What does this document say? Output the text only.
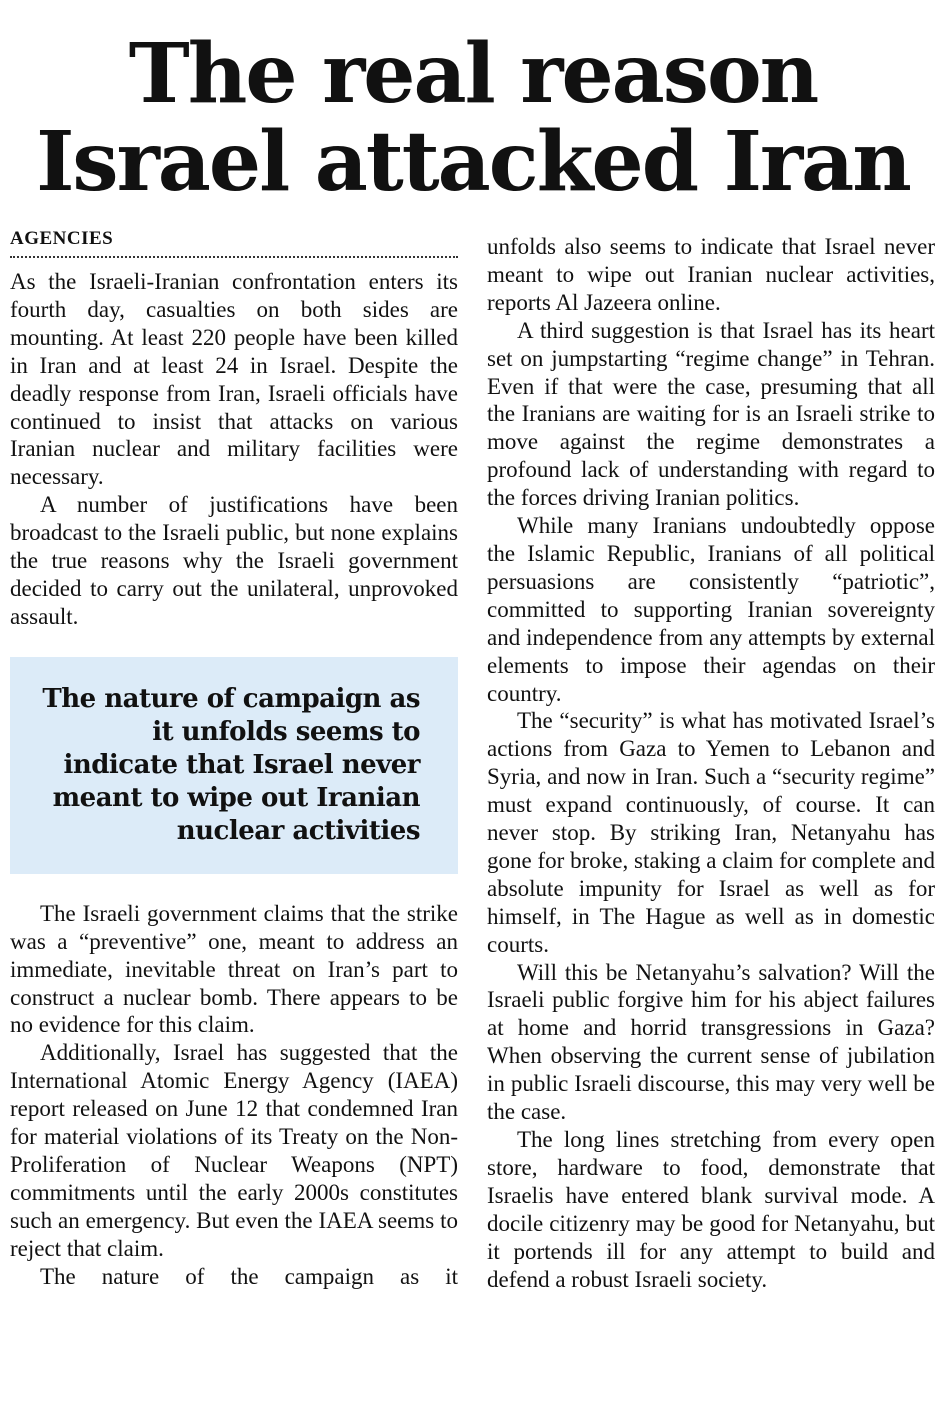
The real reason Israel attacked Iran
AGENCIES

As the Israeli-Iranian confrontation enters its fourth day, casualties on both sides are mounting. At least 220 people have been killed in Iran and at least 24 in Israel. Despite the deadly response from Iran, Israeli officials have continued to insist that attacks on various Iranian nuclear and military facilities were necessary.

A number of justifications have been broadcast to the Israeli public, but none explains the true reasons why the Israeli government decided to carry out the unilateral, unprovoked assault.

The nature of campaign as it unfolds seems to indicate that Israel never meant to wipe out Iranian nuclear activities

The Israeli government claims that the strike was a “preventive” one, meant to address an immediate, inevitable threat on Iran’s part to construct a nuclear bomb. There appears to be no evidence for this claim.

Additionally, Israel has suggested that the International Atomic Energy Agency (IAEA) report released on June 12 that condemned Iran for material violations of its Treaty on the Non-Proliferation of Nuclear Weapons (NPT) commitments until the early 2000s constitutes such an emergency. But even the IAEA seems to reject that claim.

The nature of the campaign as it

unfolds also seems to indicate that Israel never meant to wipe out Iranian nuclear activities, reports Al Jazeera online.

A third suggestion is that Israel has its heart set on jumpstarting “regime change” in Tehran. Even if that were the case, presuming that all the Iranians are waiting for is an Israeli strike to move against the regime demonstrates a profound lack of understanding with regard to the forces driving Iranian politics.

While many Iranians undoubtedly oppose the Islamic Republic, Iranians of all political persuasions are consistently “patriotic”, committed to supporting Iranian sovereignty and independence from any attempts by external elements to impose their agendas on their country.

The “security” is what has motivated Israel’s actions from Gaza to Yemen to Lebanon and Syria, and now in Iran. Such a “security regime” must expand continuously, of course. It can never stop. By striking Iran, Netanyahu has gone for broke, staking a claim for complete and absolute impunity for Israel as well as for himself, in The Hague as well as in domestic courts.

Will this be Netanyahu’s salvation? Will the Israeli public forgive him for his abject failures at home and horrid transgressions in Gaza? When observing the current sense of jubilation in public Israeli discourse, this may very well be the case.

The long lines stretching from every open store, hardware to food, demonstrate that Israelis have entered blank survival mode. A docile citizenry may be good for Netanyahu, but it portends ill for any attempt to build and defend a robust Israeli society.
